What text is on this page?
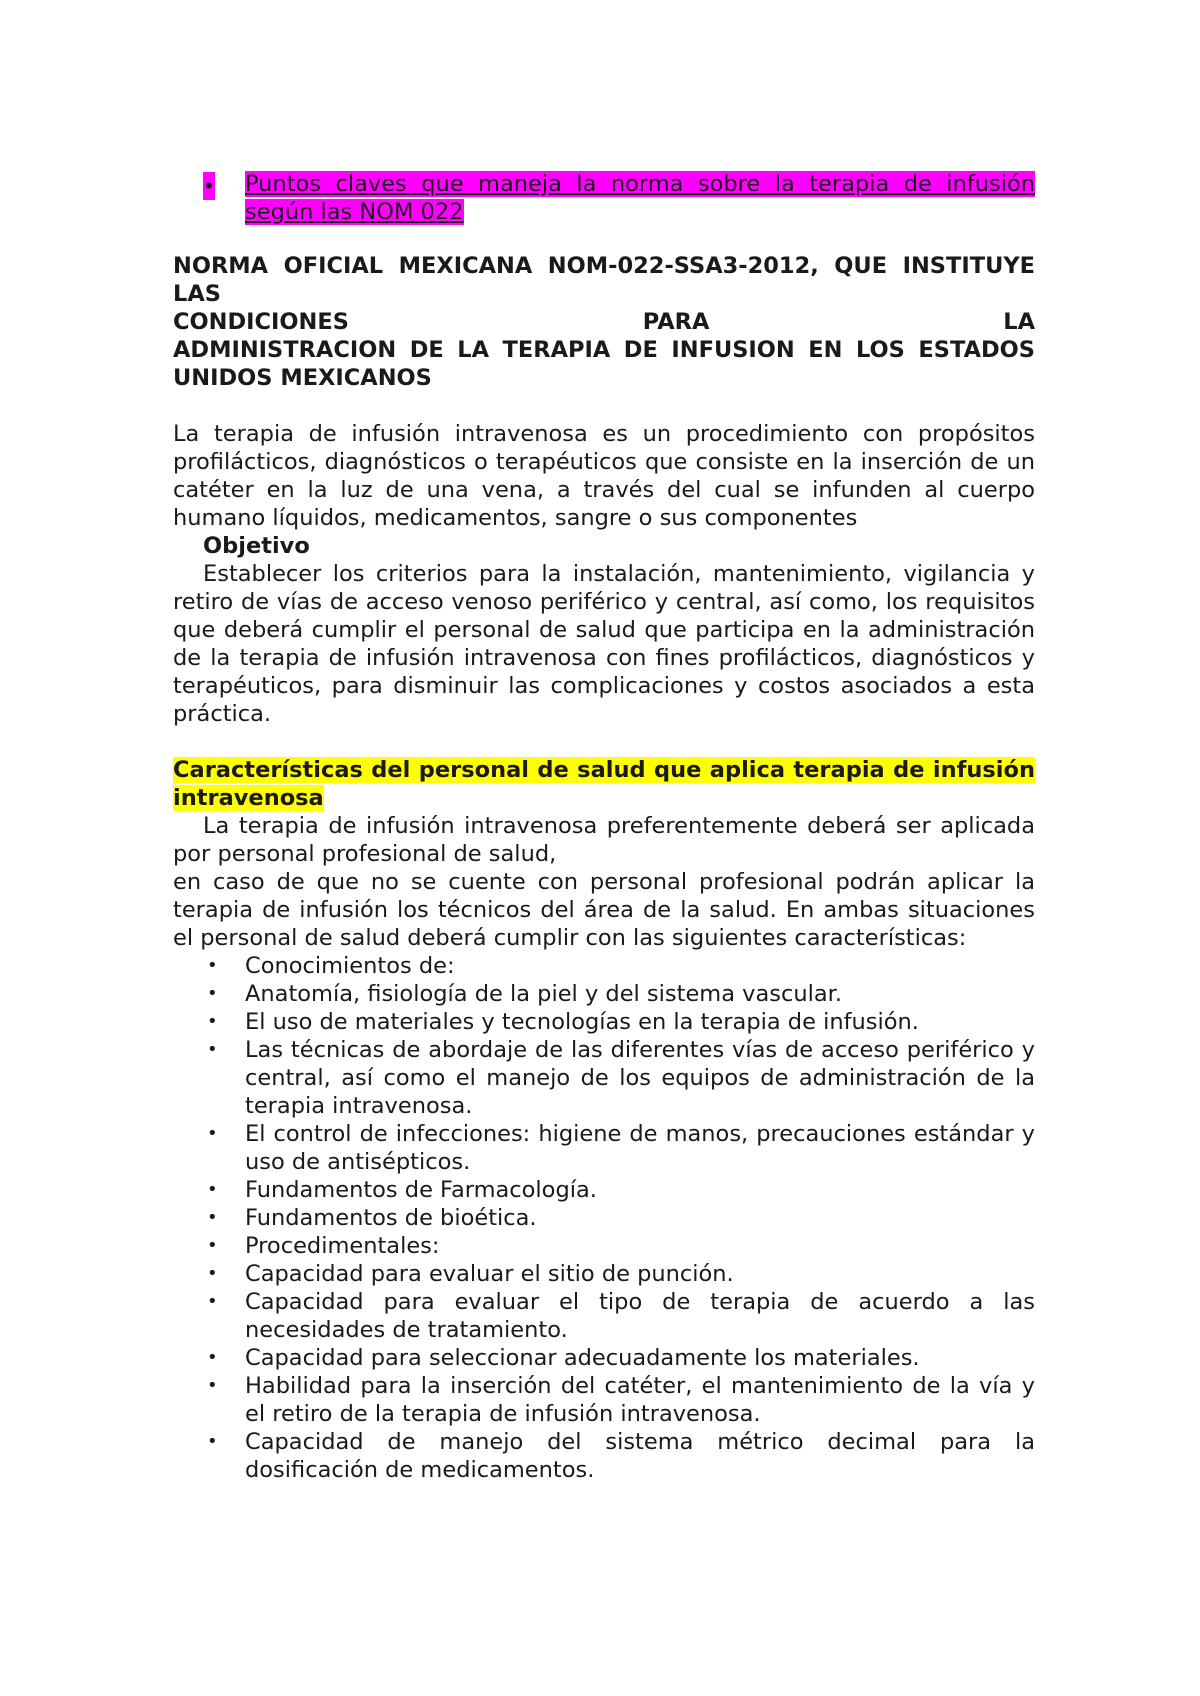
• Puntos claves que maneja la norma sobre la terapia de infusión según las NOM 022
NORMA OFICIAL MEXICANA NOM-022-SSA3-2012, QUE INSTITUYE LAS
CONDICIONES PARA LA
ADMINISTRACION DE LA TERAPIA DE INFUSION EN LOS ESTADOS
UNIDOS MEXICANOS

La terapia de infusión intravenosa es un procedimiento con propósitos profilácticos, diagnósticos o terapéuticos que consiste en la inserción de un catéter en la luz de una vena, a través del cual se infunden al cuerpo humano líquidos, medicamentos, sangre o sus componentes

Objetivo

Establecer los criterios para la instalación, mantenimiento, vigilancia y retiro de vías de acceso venoso periférico y central, así como, los requisitos que deberá cumplir el personal de salud que participa en la administración de la terapia de infusión intravenosa con fines profilácticos, diagnósticos y terapéuticos, para disminuir las complicaciones y costos asociados a esta práctica.

Características del personal de salud que aplica terapia de infusión intravenosa

La terapia de infusión intravenosa preferentemente deberá ser aplicada por personal profesional de salud,

en caso de que no se cuente con personal profesional podrán aplicar la terapia de infusión los técnicos del área de la salud. En ambas situaciones el personal de salud deberá cumplir con las siguientes características:

• Conocimientos de:
• Anatomía, fisiología de la piel y del sistema vascular.
• El uso de materiales y tecnologías en la terapia de infusión.
• Las técnicas de abordaje de las diferentes vías de acceso periférico y central, así como el manejo de los equipos de administración de la terapia intravenosa.
• El control de infecciones: higiene de manos, precauciones estándar y uso de antisépticos.
• Fundamentos de Farmacología.
• Fundamentos de bioética.
• Procedimentales:
• Capacidad para evaluar el sitio de punción.
• Capacidad para evaluar el tipo de terapia de acuerdo a las necesidades de tratamiento.
• Capacidad para seleccionar adecuadamente los materiales.
• Habilidad para la inserción del catéter, el mantenimiento de la vía y el retiro de la terapia de infusión intravenosa.
• Capacidad de manejo del sistema métrico decimal para la dosificación de medicamentos.
